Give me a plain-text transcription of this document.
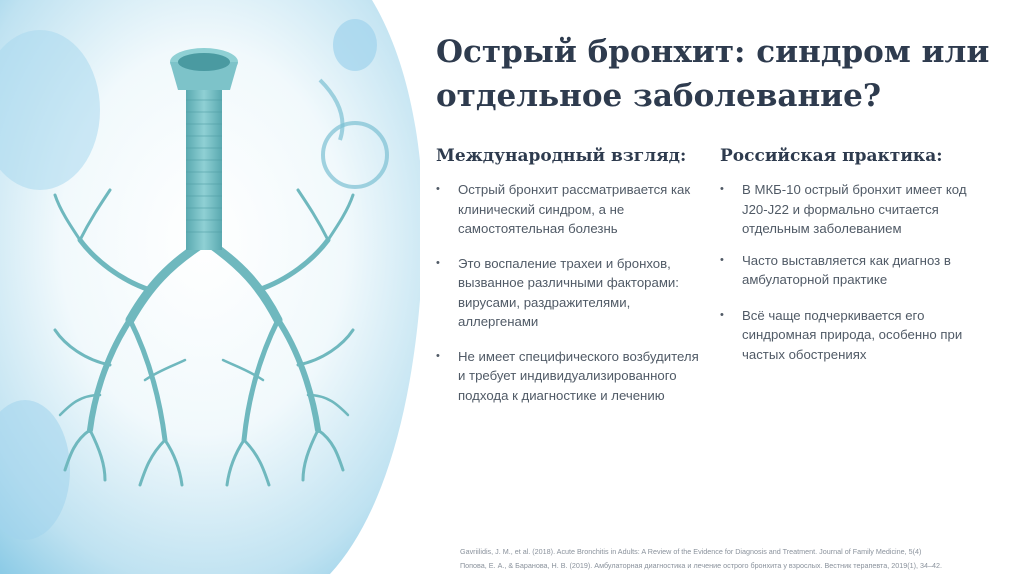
Острый бронхит: синдром или отдельное заболевание?
Международный взгляд:
• Острый бронхит рассматривается как клинический синдром, а не самостоятельная болезнь
• Это воспаление трахеи и бронхов, вызванное различными факторами: вирусами, раздражителями, аллергенами
• Не имеет специфического возбудителя и требует индивидуализированного подхода к диагностике и лечению
Российская практика:
• В МКБ-10 острый бронхит имеет код J20-J22 и формально считается отдельным заболеванием
• Часто выставляется как диагноз в амбулаторной практике
• Всё чаще подчеркивается его синдромная природа, особенно при частых обострениях
Gavriilidis, J. M., et al. (2018). Acute Bronchitis in Adults: A Review of the Evidence for Diagnosis and Treatment. Journal of Family Medicine, 5(4)
Попова, Е. А., & Баранова, Н. В. (2019). Амбулаторная диагностика и лечение острого бронхита у взрослых. Вестник терапевта, 2019(1), 34–42.
